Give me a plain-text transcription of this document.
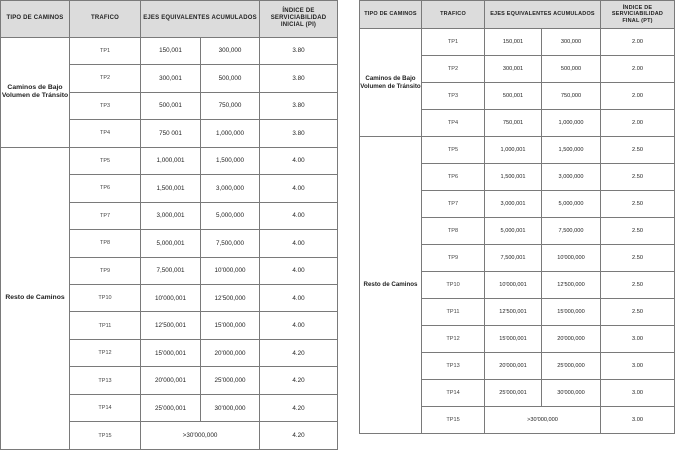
TIPO DE CAMINOS	TRAFICO	EJES EQUIVALENTES ACUMULADOS		ÍNDICE DE SERVICIABILIDAD INICIAL (PI)
Caminos de Bajo Volumen de Tránsito	TP1	150,001	300,000	3.80
	TP2	300,001	500,000	3.80
	TP3	500,001	750,000	3.80
	TP4	750 001	1,000,000	3.80
Resto de Caminos	TP5	1,000,001	1,500,000	4.00
	TP6	1,500,001	3,000,000	4.00
	TP7	3,000,001	5,000,000	4.00
	TP8	5,000,001	7,500,000	4.00
	TP9	7,500,001	10'000,000	4.00
	TP10	10'000,001	12'500,000	4.00
	TP11	12'500,001	15'000,000	4.00
	TP12	15'000,001	20'000,000	4.20
	TP13	20'000,001	25'000,000	4.20
	TP14	25'000,001	30'000,000	4.20
	TP15	>30'000,000		4.20
TIPO DE CAMINOS	TRAFICO	EJES EQUIVALENTES ACUMULADOS		ÍNDICE DE SERVICIABILIDAD FINAL (PT)
Caminos de Bajo Volumen de Tránsito	TP1	150,001	300,000	2.00
	TP2	300,001	500,000	2.00
	TP3	500,001	750,000	2.00
	TP4	750,001	1,000,000	2.00
Resto de Caminos	TP5	1,000,001	1,500,000	2.50
	TP6	1,500,001	3,000,000	2.50
	TP7	3,000,001	5,000,000	2.50
	TP8	5,000,001	7,500,000	2.50
	TP9	7,500,001	10'000,000	2.50
	TP10	10'000,001	12'500,000	2.50
	TP11	12'500,001	15'000,000	2.50
	TP12	15'000,001	20'000,000	3.00
	TP13	20'000,001	25'000,000	3.00
	TP14	25'000,001	30'000,000	3.00
	TP15	>30'000,000		3.00
